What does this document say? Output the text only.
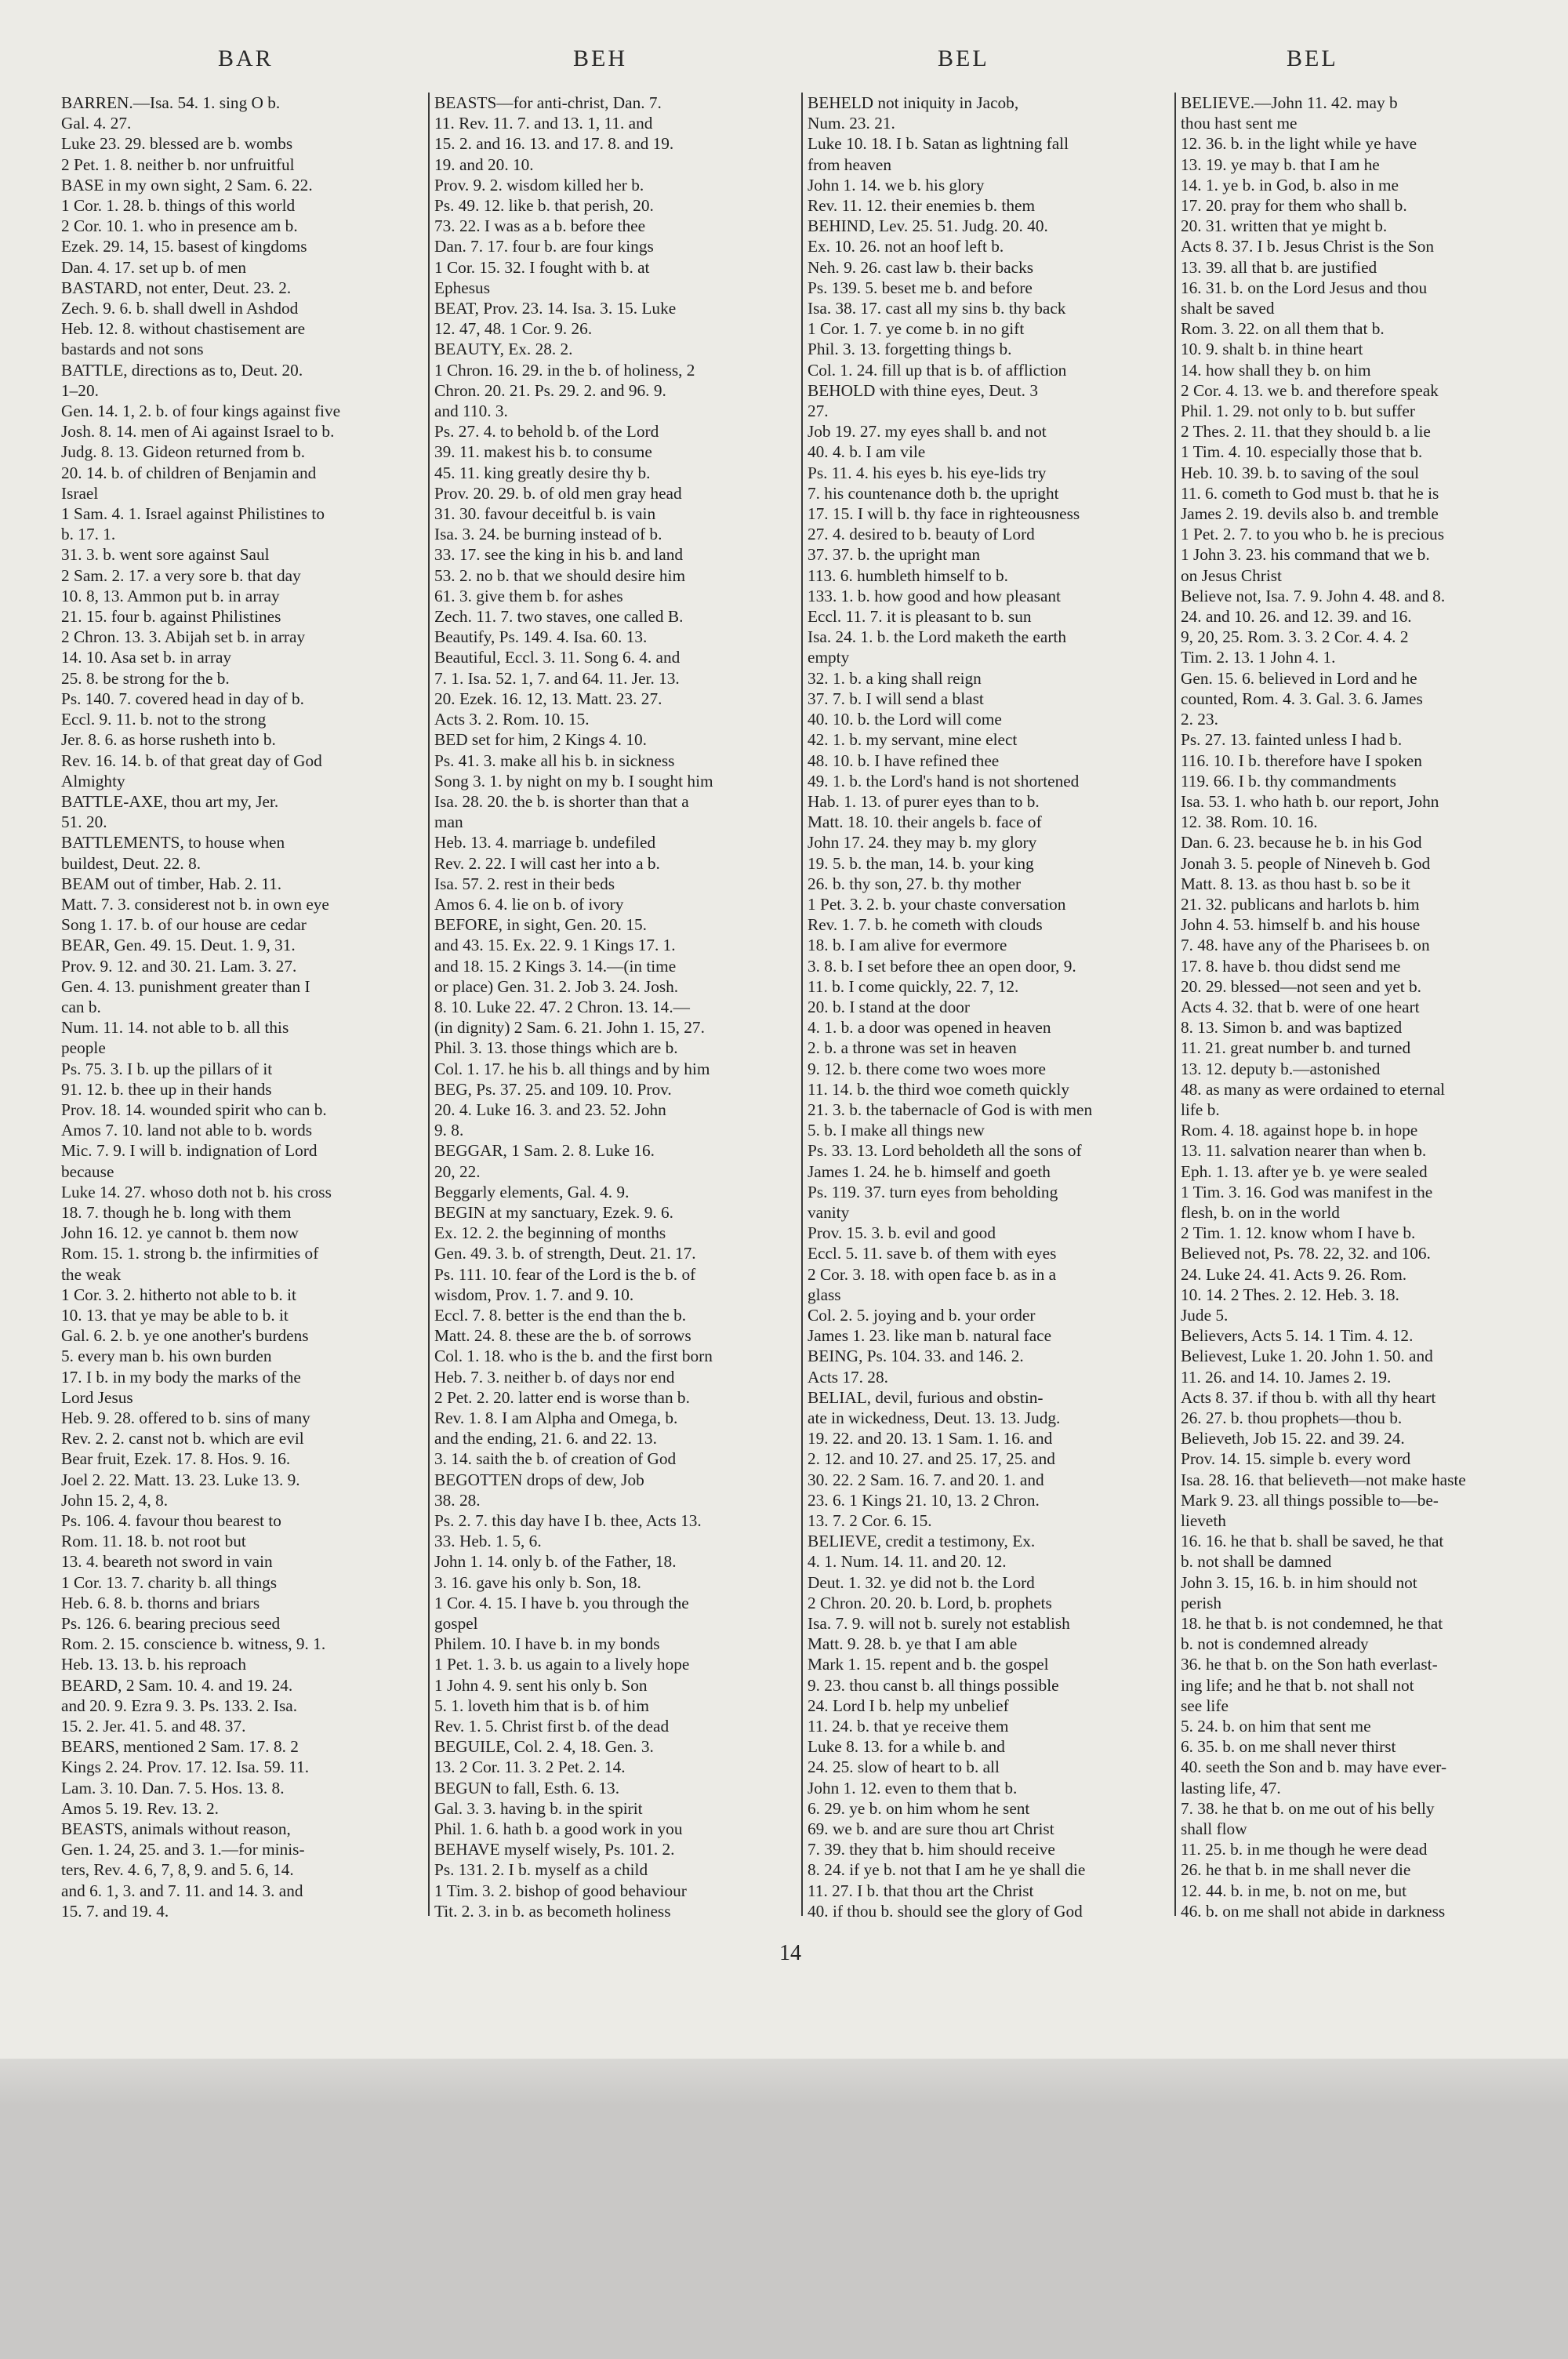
BAR	BEH	BEL	BEL
BARREN.—Isa. 54. 1. sing O b.
Gal. 4. 27.
Luke 23. 29. blessed are b. wombs
2 Pet. 1. 8. neither b. nor unfruitful
BASE in my own sight, 2 Sam. 6. 22.
1 Cor. 1. 28. b. things of this world
2 Cor. 10. 1. who in presence am b.
Ezek. 29. 14, 15. basest of kingdoms
Dan. 4. 17. set up b. of men
BASTARD, not enter, Deut. 23. 2.
Zech. 9. 6. b. shall dwell in Ashdod
Heb. 12. 8. without chastisement are
bastards and not sons
BATTLE, directions as to, Deut. 20.
1–20.
Gen. 14. 1, 2. b. of four kings against five
Josh. 8. 14. men of Ai against Israel to b.
Judg. 8. 13. Gideon returned from b.
20. 14. b. of children of Benjamin and
Israel
1 Sam. 4. 1. Israel against Philistines to
b. 17. 1.
31. 3. b. went sore against Saul
2 Sam. 2. 17. a very sore b. that day
10. 8, 13. Ammon put b. in array
21. 15. four b. against Philistines
2 Chron. 13. 3. Abijah set b. in array
14. 10. Asa set b. in array
25. 8. be strong for the b.
Ps. 140. 7. covered head in day of b.
Eccl. 9. 11. b. not to the strong
Jer. 8. 6. as horse rusheth into b.
Rev. 16. 14. b. of that great day of God
Almighty
BATTLE-AXE, thou art my, Jer.
51. 20.
BATTLEMENTS, to house when
buildest, Deut. 22. 8.
BEAM out of timber, Hab. 2. 11.
Matt. 7. 3. considerest not b. in own eye
Song 1. 17. b. of our house are cedar
BEAR, Gen. 49. 15. Deut. 1. 9, 31.
Prov. 9. 12. and 30. 21. Lam. 3. 27.
Gen. 4. 13. punishment greater than I
can b.
Num. 11. 14. not able to b. all this
people
Ps. 75. 3. I b. up the pillars of it
91. 12. b. thee up in their hands
Prov. 18. 14. wounded spirit who can b.
Amos 7. 10. land not able to b. words
Mic. 7. 9. I will b. indignation of Lord
because
Luke 14. 27. whoso doth not b. his cross
18. 7. though he b. long with them
John 16. 12. ye cannot b. them now
Rom. 15. 1. strong b. the infirmities of
the weak
1 Cor. 3. 2. hitherto not able to b. it
10. 13. that ye may be able to b. it
Gal. 6. 2. b. ye one another's burdens
5. every man b. his own burden
17. I b. in my body the marks of the
Lord Jesus
Heb. 9. 28. offered to b. sins of many
Rev. 2. 2. canst not b. which are evil
Bear fruit, Ezek. 17. 8. Hos. 9. 16.
Joel 2. 22. Matt. 13. 23. Luke 13. 9.
John 15. 2, 4, 8.
Ps. 106. 4. favour thou bearest to
Rom. 11. 18. b. not root but
13. 4. beareth not sword in vain
1 Cor. 13. 7. charity b. all things
Heb. 6. 8. b. thorns and briars
Ps. 126. 6. bearing precious seed
Rom. 2. 15. conscience b. witness, 9. 1.
Heb. 13. 13. b. his reproach
BEARD, 2 Sam. 10. 4. and 19. 24.
and 20. 9. Ezra 9. 3. Ps. 133. 2. Isa.
15. 2. Jer. 41. 5. and 48. 37.
BEARS, mentioned 2 Sam. 17. 8. 2
Kings 2. 24. Prov. 17. 12. Isa. 59. 11.
Lam. 3. 10. Dan. 7. 5. Hos. 13. 8.
Amos 5. 19. Rev. 13. 2.
BEASTS, animals without reason,
Gen. 1. 24, 25. and 3. 1.—for minis-
ters, Rev. 4. 6, 7, 8, 9. and 5. 6, 14.
and 6. 1, 3. and 7. 11. and 14. 3. and
15. 7. and 19. 4.
BEASTS—for anti-christ, Dan. 7.
11. Rev. 11. 7. and 13. 1, 11. and
15. 2. and 16. 13. and 17. 8. and 19.
19. and 20. 10.
Prov. 9. 2. wisdom killed her b.
Ps. 49. 12. like b. that perish, 20.
73. 22. I was as a b. before thee
Dan. 7. 17. four b. are four kings
1 Cor. 15. 32. I fought with b. at
Ephesus
BEAT, Prov. 23. 14. Isa. 3. 15. Luke
12. 47, 48. 1 Cor. 9. 26.
BEAUTY, Ex. 28. 2.
1 Chron. 16. 29. in the b. of holiness, 2
Chron. 20. 21. Ps. 29. 2. and 96. 9.
and 110. 3.
Ps. 27. 4. to behold b. of the Lord
39. 11. makest his b. to consume
45. 11. king greatly desire thy b.
Prov. 20. 29. b. of old men gray head
31. 30. favour deceitful b. is vain
Isa. 3. 24. be burning instead of b.
33. 17. see the king in his b. and land
53. 2. no b. that we should desire him
61. 3. give them b. for ashes
Zech. 11. 7. two staves, one called B.
Beautify, Ps. 149. 4. Isa. 60. 13.
Beautiful, Eccl. 3. 11. Song 6. 4. and
7. 1. Isa. 52. 1, 7. and 64. 11. Jer. 13.
20. Ezek. 16. 12, 13. Matt. 23. 27.
Acts 3. 2. Rom. 10. 15.
BED set for him, 2 Kings 4. 10.
Ps. 41. 3. make all his b. in sickness
Song 3. 1. by night on my b. I sought him
Isa. 28. 20. the b. is shorter than that a
man
Heb. 13. 4. marriage b. undefiled
Rev. 2. 22. I will cast her into a b.
Isa. 57. 2. rest in their beds
Amos 6. 4. lie on b. of ivory
BEFORE, in sight, Gen. 20. 15.
and 43. 15. Ex. 22. 9. 1 Kings 17. 1.
and 18. 15. 2 Kings 3. 14.—(in time
or place) Gen. 31. 2. Job 3. 24. Josh.
8. 10. Luke 22. 47. 2 Chron. 13. 14.—
(in dignity) 2 Sam. 6. 21. John 1. 15, 27.
Phil. 3. 13. those things which are b.
Col. 1. 17. he his b. all things and by him
BEG, Ps. 37. 25. and 109. 10. Prov.
20. 4. Luke 16. 3. and 23. 52. John
9. 8.
BEGGAR, 1 Sam. 2. 8. Luke 16.
20, 22.
Beggarly elements, Gal. 4. 9.
BEGIN at my sanctuary, Ezek. 9. 6.
Ex. 12. 2. the beginning of months
Gen. 49. 3. b. of strength, Deut. 21. 17.
Ps. 111. 10. fear of the Lord is the b. of
wisdom, Prov. 1. 7. and 9. 10.
Eccl. 7. 8. better is the end than the b.
Matt. 24. 8. these are the b. of sorrows
Col. 1. 18. who is the b. and the first born
Heb. 7. 3. neither b. of days nor end
2 Pet. 2. 20. latter end is worse than b.
Rev. 1. 8. I am Alpha and Omega, b.
and the ending, 21. 6. and 22. 13.
3. 14. saith the b. of creation of God
BEGOTTEN drops of dew, Job
38. 28.
Ps. 2. 7. this day have I b. thee, Acts 13.
33. Heb. 1. 5, 6.
John 1. 14. only b. of the Father, 18.
3. 16. gave his only b. Son, 18.
1 Cor. 4. 15. I have b. you through the
gospel
Philem. 10. I have b. in my bonds
1 Pet. 1. 3. b. us again to a lively hope
1 John 4. 9. sent his only b. Son
5. 1. loveth him that is b. of him
Rev. 1. 5. Christ first b. of the dead
BEGUILE, Col. 2. 4, 18. Gen. 3.
13. 2 Cor. 11. 3. 2 Pet. 2. 14.
BEGUN to fall, Esth. 6. 13.
Gal. 3. 3. having b. in the spirit
Phil. 1. 6. hath b. a good work in you
BEHAVE myself wisely, Ps. 101. 2.
Ps. 131. 2. I b. myself as a child
1 Tim. 3. 2. bishop of good behaviour
Tit. 2. 3. in b. as becometh holiness
BEHELD not iniquity in Jacob,
Num. 23. 21.
Luke 10. 18. I b. Satan as lightning fall
from heaven
John 1. 14. we b. his glory
Rev. 11. 12. their enemies b. them
BEHIND, Lev. 25. 51. Judg. 20. 40.
Ex. 10. 26. not an hoof left b.
Neh. 9. 26. cast law b. their backs
Ps. 139. 5. beset me b. and before
Isa. 38. 17. cast all my sins b. thy back
1 Cor. 1. 7. ye come b. in no gift
Phil. 3. 13. forgetting things b.
Col. 1. 24. fill up that is b. of affliction
BEHOLD with thine eyes, Deut. 3
27.
Job 19. 27. my eyes shall b. and not
40. 4. b. I am vile
Ps. 11. 4. his eyes b. his eye-lids try
7. his countenance doth b. the upright
17. 15. I will b. thy face in righteousness
27. 4. desired to b. beauty of Lord
37. 37. b. the upright man
113. 6. humbleth himself to b.
133. 1. b. how good and how pleasant
Eccl. 11. 7. it is pleasant to b. sun
Isa. 24. 1. b. the Lord maketh the earth
empty
32. 1. b. a king shall reign
37. 7. b. I will send a blast
40. 10. b. the Lord will come
42. 1. b. my servant, mine elect
48. 10. b. I have refined thee
49. 1. b. the Lord's hand is not shortened
Hab. 1. 13. of purer eyes than to b.
Matt. 18. 10. their angels b. face of
John 17. 24. they may b. my glory
19. 5. b. the man, 14. b. your king
26. b. thy son, 27. b. thy mother
1 Pet. 3. 2. b. your chaste conversation
Rev. 1. 7. b. he cometh with clouds
18. b. I am alive for evermore
3. 8. b. I set before thee an open door, 9.
11. b. I come quickly, 22. 7, 12.
20. b. I stand at the door
4. 1. b. a door was opened in heaven
2. b. a throne was set in heaven
9. 12. b. there come two woes more
11. 14. b. the third woe cometh quickly
21. 3. b. the tabernacle of God is with men
5. b. I make all things new
Ps. 33. 13. Lord beholdeth all the sons of
James 1. 24. he b. himself and goeth
Ps. 119. 37. turn eyes from beholding
vanity
Prov. 15. 3. b. evil and good
Eccl. 5. 11. save b. of them with eyes
2 Cor. 3. 18. with open face b. as in a
glass
Col. 2. 5. joying and b. your order
James 1. 23. like man b. natural face
BEING, Ps. 104. 33. and 146. 2.
Acts 17. 28.
BELIAL, devil, furious and obstin-
ate in wickedness, Deut. 13. 13. Judg.
19. 22. and 20. 13. 1 Sam. 1. 16. and
2. 12. and 10. 27. and 25. 17, 25. and
30. 22. 2 Sam. 16. 7. and 20. 1. and
23. 6. 1 Kings 21. 10, 13. 2 Chron.
13. 7. 2 Cor. 6. 15.
BELIEVE, credit a testimony, Ex.
4. 1. Num. 14. 11. and 20. 12.
Deut. 1. 32. ye did not b. the Lord
2 Chron. 20. 20. b. Lord, b. prophets
Isa. 7. 9. will not b. surely not establish
Matt. 9. 28. b. ye that I am able
Mark 1. 15. repent and b. the gospel
9. 23. thou canst b. all things possible
24. Lord I b. help my unbelief
11. 24. b. that ye receive them
Luke 8. 13. for a while b. and
24. 25. slow of heart to b. all
John 1. 12. even to them that b.
6. 29. ye b. on him whom he sent
69. we b. and are sure thou art Christ
7. 39. they that b. him should receive
8. 24. if ye b. not that I am he ye shall die
11. 27. I b. that thou art the Christ
40. if thou b. should see the glory of God
BELIEVE.—John 11. 42. may b
thou hast sent me
12. 36. b. in the light while ye have
13. 19. ye may b. that I am he
14. 1. ye b. in God, b. also in me
17. 20. pray for them who shall b.
20. 31. written that ye might b.
Acts 8. 37. I b. Jesus Christ is the Son
13. 39. all that b. are justified
16. 31. b. on the Lord Jesus and thou
shalt be saved
Rom. 3. 22. on all them that b.
10. 9. shalt b. in thine heart
14. how shall they b. on him
2 Cor. 4. 13. we b. and therefore speak
Phil. 1. 29. not only to b. but suffer
2 Thes. 2. 11. that they should b. a lie
1 Tim. 4. 10. especially those that b.
Heb. 10. 39. b. to saving of the soul
11. 6. cometh to God must b. that he is
James 2. 19. devils also b. and tremble
1 Pet. 2. 7. to you who b. he is precious
1 John 3. 23. his command that we b.
on Jesus Christ
Believe not, Isa. 7. 9. John 4. 48. and 8.
24. and 10. 26. and 12. 39. and 16.
9, 20, 25. Rom. 3. 3. 2 Cor. 4. 4. 2
Tim. 2. 13. 1 John 4. 1.
Gen. 15. 6. believed in Lord and he
counted, Rom. 4. 3. Gal. 3. 6. James
2. 23.
Ps. 27. 13. fainted unless I had b.
116. 10. I b. therefore have I spoken
119. 66. I b. thy commandments
Isa. 53. 1. who hath b. our report, John
12. 38. Rom. 10. 16.
Dan. 6. 23. because he b. in his God
Jonah 3. 5. people of Nineveh b. God
Matt. 8. 13. as thou hast b. so be it
21. 32. publicans and harlots b. him
John 4. 53. himself b. and his house
7. 48. have any of the Pharisees b. on
17. 8. have b. thou didst send me
20. 29. blessed—not seen and yet b.
Acts 4. 32. that b. were of one heart
8. 13. Simon b. and was baptized
11. 21. great number b. and turned
13. 12. deputy b.—astonished
48. as many as were ordained to eternal
life b.
Rom. 4. 18. against hope b. in hope
13. 11. salvation nearer than when b.
Eph. 1. 13. after ye b. ye were sealed
1 Tim. 3. 16. God was manifest in the
flesh, b. on in the world
2 Tim. 1. 12. know whom I have b.
Believed not, Ps. 78. 22, 32. and 106.
24. Luke 24. 41. Acts 9. 26. Rom.
10. 14. 2 Thes. 2. 12. Heb. 3. 18.
Jude 5.
Believers, Acts 5. 14. 1 Tim. 4. 12.
Believest, Luke 1. 20. John 1. 50. and
11. 26. and 14. 10. James 2. 19.
Acts 8. 37. if thou b. with all thy heart
26. 27. b. thou prophets—thou b.
Believeth, Job 15. 22. and 39. 24.
Prov. 14. 15. simple b. every word
Isa. 28. 16. that believeth—not make haste
Mark 9. 23. all things possible to—be-
lieveth
16. 16. he that b. shall be saved, he that
b. not shall be damned
John 3. 15, 16. b. in him should not
perish
18. he that b. is not condemned, he that
b. not is condemned already
36. he that b. on the Son hath everlast-
ing life; and he that b. not shall not
see life
5. 24. b. on him that sent me
6. 35. b. on me shall never thirst
40. seeth the Son and b. may have ever-
lasting life, 47.
7. 38. he that b. on me out of his belly
shall flow
11. 25. b. in me though he were dead
26. he that b. in me shall never die
12. 44. b. in me, b. not on me, but
46. b. on me shall not abide in darkness
14
